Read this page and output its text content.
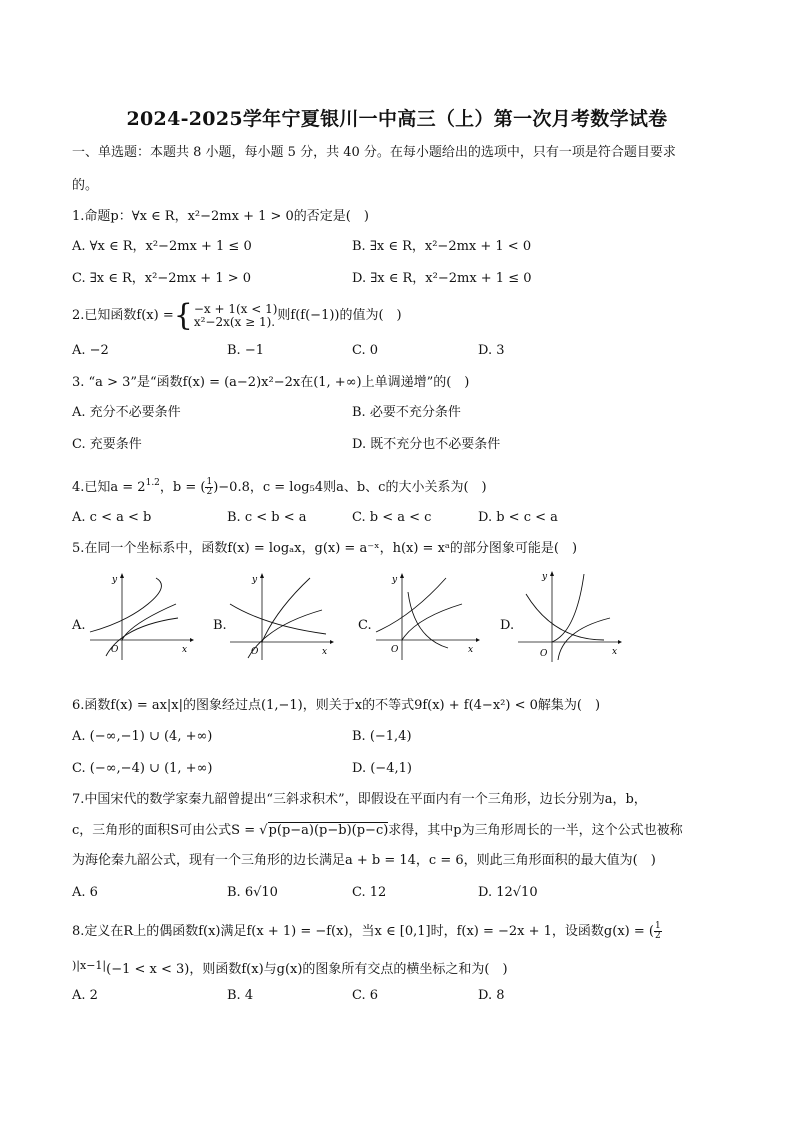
2024-2025学年宁夏银川一中高三（上）第一次月考数学试卷
一、单选题：本题共 8 小题，每小题 5 分，共 40 分。在每小题给出的选项中，只有一项是符合题目要求
的。
1.命题p：∀x ∈ R，x²−2mx + 1 > 0的否定是(　)
A. ∀x ∈ R，x²−2mx + 1 ≤ 0	B. ∃x ∈ R，x²−2mx + 1 < 0
C. ∃x ∈ R，x²−2mx + 1 > 0	D. ∃x ∈ R，x²−2mx + 1 ≤ 0
2.已知函数f(x) = { −x + 1(x < 1)
x²−2x(x ≥ 1). 则f(f(−1))的值为(　)
A. −2	B. −1	C. 0	D. 3
3. “a > 3”是“函数f(x) = (a−2)x²−2x在(1, +∞)上单调递增”的(　)
A. 充分不必要条件	B. 必要不充分条件
C. 充要条件	D. 既不充分也不必要条件
4.已知$a = 2^{1.2}$，b = ( $\frac{1}{2} )-0.8$，c = log₅4则a、b、c的大小关系为(　)
A. c < a < b	B. c < b < a	C. b < a < c	D. b < c < a
5.在同一个坐标系中，函数f(x) = logₐx，g(x) = a⁻ˣ，h(x) = xᵃ的部分图象可能是(　)
A.
y
x
O
B.
y
x
O
C.
y
x
O
D.
y
x
O
6.函数f(x) = ax|x|的图象经过点(1,−1)，则关于x的不等式9f(x) + f(4−x²) < 0解集为(　)
A. (−∞,−1) ∪ (4, +∞)	B. (−1,4)
C. (−∞,−4) ∪ (1, +∞)	D. (−4,1)
7.中国宋代的数学家秦九韶曾提出“三斜求积术”，即假设在平面内有一个三角形，边长分别为a，b，
c，三角形的面积S可由公式S = √p(p−a)(p−b)(p−c)求得，其中p为三角形周长的一半，这个公式也被称
为海伦秦九韶公式，现有一个三角形的边长满足a + b = 14，c = 6，则此三角形面积的最大值为(　)
A. 6	B. 6√10	C. 12	D. 12√10
8.定义在R上的偶函数f(x)满足f(x + 1) = −f(x)，当x ∈ [0,1]时，f(x) = −2x + 1，设函数g(x) = ( $\frac{1}{2}$
$^{)|x-1|}$(−1 < x < 3)，则函数f(x)与g(x)的图象所有交点的横坐标之和为(　)
A. 2	B. 4	C. 6	D. 8
